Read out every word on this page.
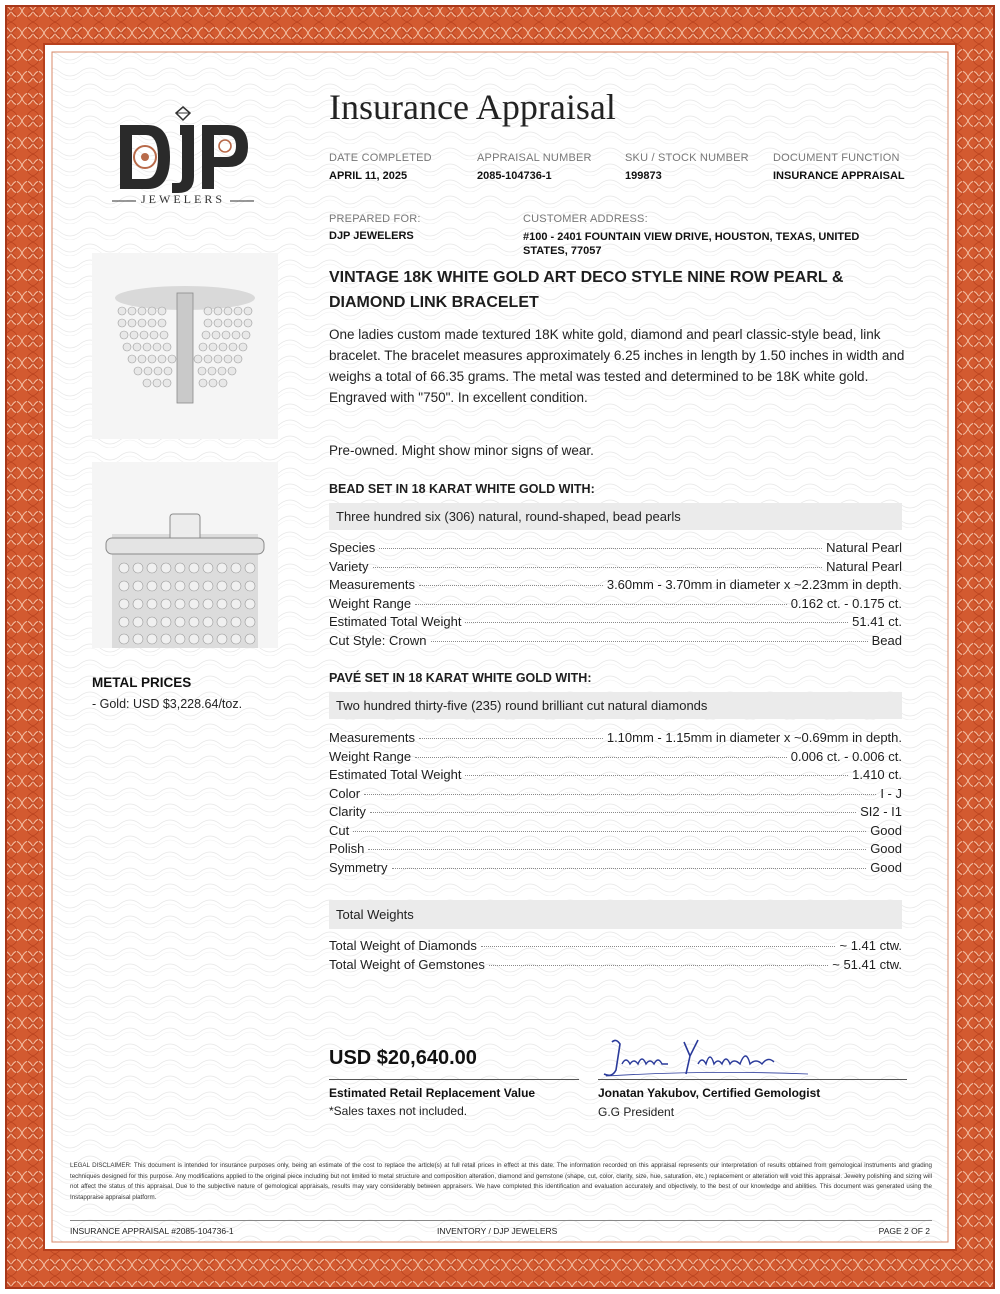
JEWELERS
Insurance Appraisal
DATE COMPLETED
APRIL 11, 2025
APPRAISAL NUMBER
2085-104736-1
SKU / STOCK NUMBER
199873
DOCUMENT FUNCTION
INSURANCE APPRAISAL
PREPARED FOR:
DJP JEWELERS
CUSTOMER ADDRESS:
#100 - 2401 FOUNTAIN VIEW DRIVE, HOUSTON, TEXAS, UNITED STATES, 77057
VINTAGE 18K WHITE GOLD ART DECO STYLE NINE ROW PEARL & DIAMOND LINK BRACELET

One ladies custom made textured 18K white gold, diamond and pearl classic-style bead, link bracelet. The bracelet measures approximately 6.25 inches in length by 1.50 inches in width and weighs a total of 66.35 grams. The metal was tested and determined to be 18K white gold. Engraved with "750". In excellent condition.

Pre-owned. Might show minor signs of wear.
METAL PRICES
- Gold: USD $3,228.64/toz.
BEAD SET IN 18 KARAT WHITE GOLD WITH:
Three hundred six (306) natural, round-shaped, bead pearls
Species	Natural Pearl
Variety	Natural Pearl
Measurements	3.60mm - 3.70mm in diameter x ~2.23mm in depth.
Weight Range	0.162 ct. - 0.175 ct.
Estimated Total Weight	51.41 ct.
Cut Style: Crown	Bead
PAVÉ SET IN 18 KARAT WHITE GOLD WITH:
Two hundred thirty-five (235) round brilliant cut natural diamonds
Measurements	1.10mm - 1.15mm in diameter x ~0.69mm in depth.
Weight Range	0.006 ct. - 0.006 ct.
Estimated Total Weight	1.410 ct.
Color	I - J
Clarity	SI2 - I1
Cut	Good
Polish	Good
Symmetry	Good
Total Weights
Total Weight of Diamonds	~ 1.41 ctw.
Total Weight of Gemstones	~ 51.41 ctw.
USD $20,640.00
Estimated Retail Replacement Value
*Sales taxes not included.
Jonatan Yakubov, Certified Gemologist
G.G President

LEGAL DISCLAIMER: This document is intended for insurance purposes only, being an estimate of the cost to replace the article(s) at full retail prices in effect at this date. The information recorded on this appraisal represents our interpretation of results obtained from gemological instruments and grading techniques designed for this purpose. Any modifications applied to the original piece including but not limited to metal structure and composition alteration, diamond and gemstone (shape, cut, color, clarity, size, hue, saturation, etc.) replacement or alteration will void this appraisal. Jewelry polishing and sizing will not affect the status of this appraisal. Due to the subjective nature of gemological appraisals, results may vary considerably between appraisers. We have completed this identification and evaluation accurately and objectively, to the best of our knowledge and abilities. This document was generated using the Instappraise appraisal platform.

INSURANCE APPRAISAL #2085-104736-1	INVENTORY / DJP JEWELERS	PAGE 2 OF 2
